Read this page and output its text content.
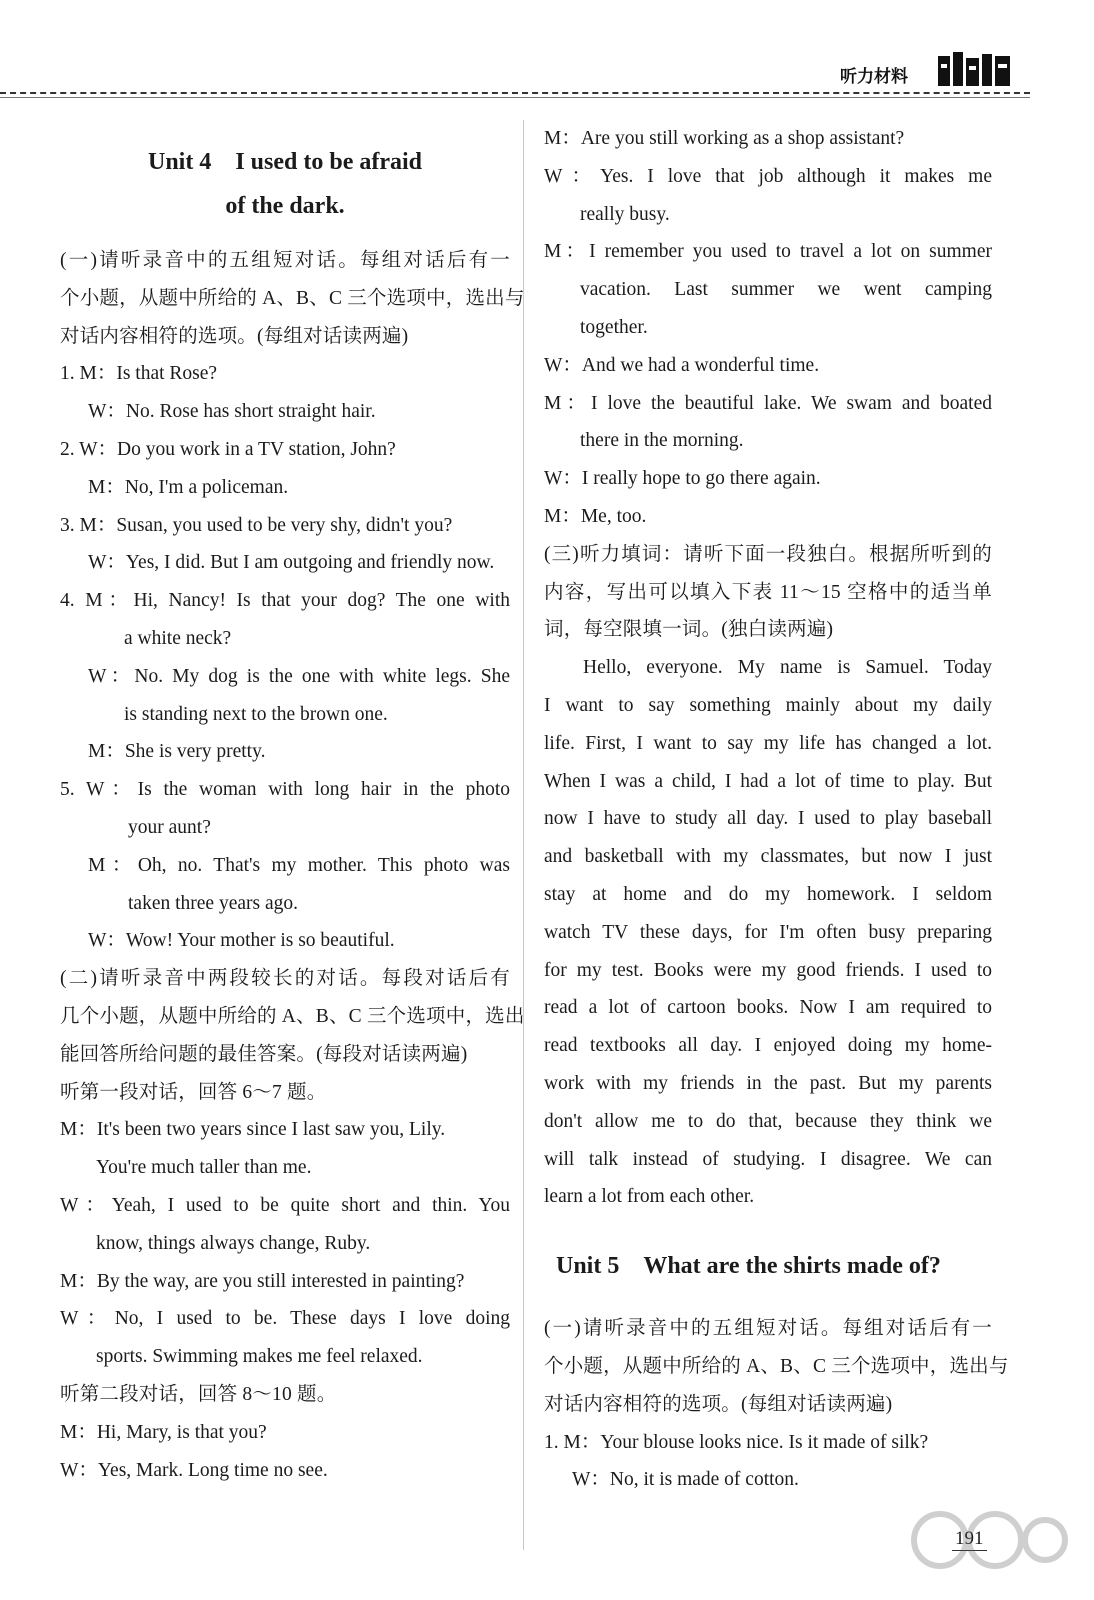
听力材料
Unit 4　I used to be afraid
of the dark.
(一)请听录音中的五组短对话。每组对话后有一
个小题，从题中所给的 A、B、C 三个选项中，选出与
对话内容相符的选项。(每组对话读两遍)
1. M：Is that Rose?
W：No. Rose has short straight hair.
2. W：Do you work in a TV station, John?
M：No, I'm a policeman.
3. M：Susan, you used to be very shy, didn't you?
W：Yes, I did. But I am outgoing and friendly now.
4. M：Hi, Nancy! Is that your dog? The one with
a white neck?
W：No. My dog is the one with white legs. She
is standing next to the brown one.
M：She is very pretty.
5. W：Is the woman with long hair in the photo
your aunt?
M：Oh, no. That's my mother. This photo was
taken three years ago.
W：Wow! Your mother is so beautiful.
(二)请听录音中两段较长的对话。每段对话后有
几个小题，从题中所给的 A、B、C 三个选项中，选出
能回答所给问题的最佳答案。(每段对话读两遍)
听第一段对话，回答 6～7 题。
M：It's been two years since I last saw you, Lily.
You're much taller than me.
W：Yeah, I used to be quite short and thin. You
know, things always change, Ruby.
M：By the way, are you still interested in painting?
W：No, I used to be. These days I love doing
sports. Swimming makes me feel relaxed.
听第二段对话，回答 8～10 题。
M：Hi, Mary, is that you?
W：Yes, Mark. Long time no see.
M：Are you still working as a shop assistant?
W：Yes. I love that job although it makes me
really busy.
M：I remember you used to travel a lot on summer
vacation. Last summer we went camping
together.
W：And we had a wonderful time.
M：I love the beautiful lake. We swam and boated
there in the morning.
W：I really hope to go there again.
M：Me, too.
(三)听力填词：请听下面一段独白。根据所听到的
内容，写出可以填入下表 11～15 空格中的适当单
词，每空限填一词。(独白读两遍)
Hello, everyone. My name is Samuel. Today
I want to say something mainly about my daily
life. First, I want to say my life has changed a lot.
When I was a child, I had a lot of time to play. But
now I have to study all day. I used to play baseball
and basketball with my classmates, but now I just
stay at home and do my homework. I seldom
watch TV these days, for I'm often busy preparing
for my test. Books were my good friends. I used to
read a lot of cartoon books. Now I am required to
read textbooks all day. I enjoyed doing my home-
work with my friends in the past. But my parents
don't allow me to do that, because they think we
will talk instead of studying. I disagree. We can
learn a lot from each other.
Unit 5　What are the shirts made of?
(一)请听录音中的五组短对话。每组对话后有一
个小题，从题中所给的 A、B、C 三个选项中，选出与
对话内容相符的选项。(每组对话读两遍)
1. M：Your blouse looks nice. Is it made of silk?
W：No, it is made of cotton.
191
